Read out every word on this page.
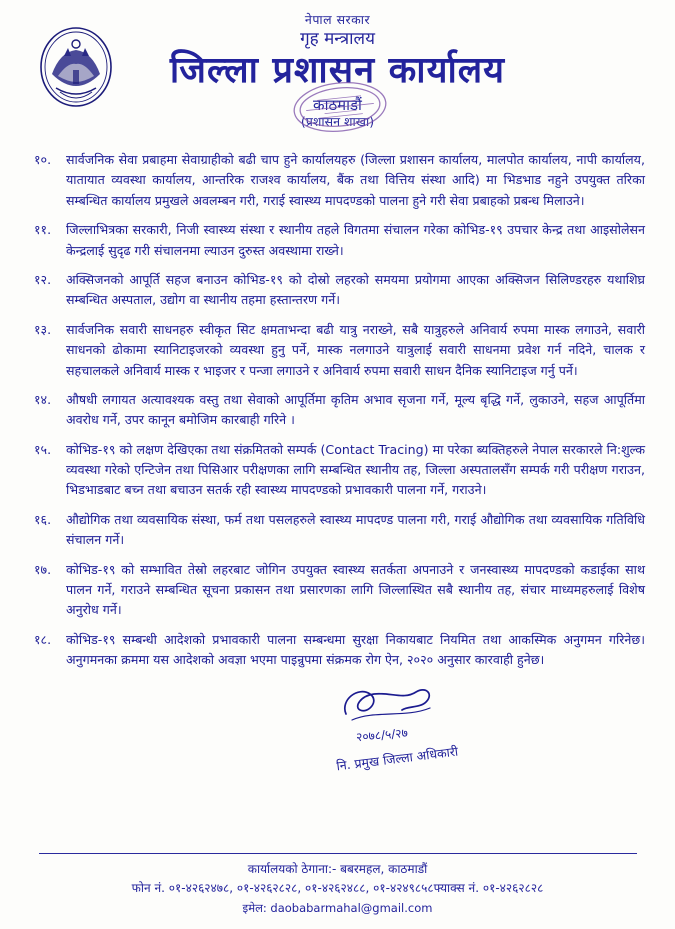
नेपाल सरकार
गृह मन्त्रालय
जिल्ला प्रशासन कार्यालय
काठमाडौं
(प्रशासन शाखा)
१०.	सार्वजनिक सेवा प्रबाहमा सेवाग्राहीको बढी चाप हुने कार्यालयहरु (जिल्ला प्रशासन कार्यालय, मालपोत कार्यालय, नापी कार्यालय, यातायात व्यवस्था कार्यालय, आन्तरिक राजश्व कार्यालय, बैंक तथा वित्तिय संस्था आदि) मा भिडभाड नहुने उपयुक्त तरिका सम्बन्धित कार्यालय प्रमुखले अवलम्बन गरी, गराई स्वास्थ्य मापदण्डको पालना हुने गरी सेवा प्रबाहको प्रबन्ध मिलाउने।
११.	जिल्लाभित्रका सरकारी, निजी स्वास्थ्य संस्था र स्थानीय तहले विगतमा संचालन गरेका कोभिड-१९ उपचार केन्द्र तथा आइसोलेसन केन्द्रलाई सुदृढ गरी संचालनमा ल्याउन दुरुस्त अवस्थामा राख्ने।
१२.	अक्सिजनको आपूर्ति सहज बनाउन कोभिड-१९ को दोस्रो लहरको समयमा प्रयोगमा आएका अक्सिजन सिलिण्डरहरु यथाशिघ्र सम्बन्धित अस्पताल, उद्योग वा स्थानीय तहमा हस्तान्तरण गर्ने।
१३.	सार्वजनिक सवारी साधनहरु स्वीकृत सिट क्षमताभन्दा बढी यात्रु नराख्ने, सबै यात्रुहरुले अनिवार्य रुपमा मास्क लगाउने, सवारी साधनको ढोकामा स्यानिटाइजरको व्यवस्था हुनु पर्ने, मास्क नलगाउने यात्रुलाई सवारी साधनमा प्रवेश गर्न नदिने, चालक र सहचालकले अनिवार्य मास्क र भाइजर र पन्जा लगाउने र अनिवार्य रुपमा सवारी साधन दैनिक स्यानिटाइज गर्नु पर्ने।
१४.	औषधी लगायत अत्यावश्यक वस्तु तथा सेवाको आपूर्तिमा कृतिम अभाव सृजना गर्ने, मूल्य बृद्धि गर्ने, लुकाउने, सहज आपूर्तिमा अवरोध गर्ने, उपर कानून बमोजिम कारबाही गरिने ।
१५.	कोभिड-१९ को लक्षण देखिएका तथा संक्रमितको सम्पर्क (Contact Tracing) मा परेका ब्यक्तिहरुले नेपाल सरकारले नि:शुल्क व्यवस्था गरेको एन्टिजेन तथा पिसिआर परीक्षणका लागि सम्बन्धित स्थानीय तह, जिल्ला अस्पतालसँग सम्पर्क गरी परीक्षण गराउन, भिडभाडबाट बच्न तथा बचाउन सतर्क रही स्वास्थ्य मापदण्डको प्रभावकारी पालना गर्ने, गराउने।
१६.	औद्योगिक तथा व्यवसायिक संस्था, फर्म तथा पसलहरुले स्वास्थ्य मापदण्ड पालना गरी, गराई औद्योगिक तथा व्यवसायिक गतिविधि संचालन गर्ने।
१७.	कोभिड-१९ को सम्भावित तेस्रो लहरबाट जोगिन उपयुक्त स्वास्थ्य सतर्कता अपनाउने र जनस्वास्थ्य मापदण्डको कडाईका साथ पालन गर्ने, गराउने सम्बन्धित सूचना प्रकासन तथा प्रसारणका लागि जिल्लास्थित सबै स्थानीय तह, संचार माध्यमहरुलाई विशेष अनुरोध गर्ने।
१८.	कोभिड-१९ सम्बन्धी आदेशको प्रभावकारी पालना सम्बन्धमा सुरक्षा निकायबाट नियमित तथा आकस्मिक अनुगमन गरिनेछ। अनुगमनका क्रममा यस आदेशको अवज्ञा भएमा पाइन्रुपमा संक्रमक रोग ऐन, २०२० अनुसार कारवाही हुनेछ।
२०७८/५/२७
नि. प्रमुख जिल्ला अधिकारी
कार्यालयको ठेगाना:- बबरमहल, काठमाडौं
फोन नं. ०१-४२६२४७८, ०१-४२६२८२८, ०१-४२६२४८८, ०१-४२४९८५८फ्याक्स नं. ०१-४२६२८२८
इमेल: daobabarmahal@gmail.com
